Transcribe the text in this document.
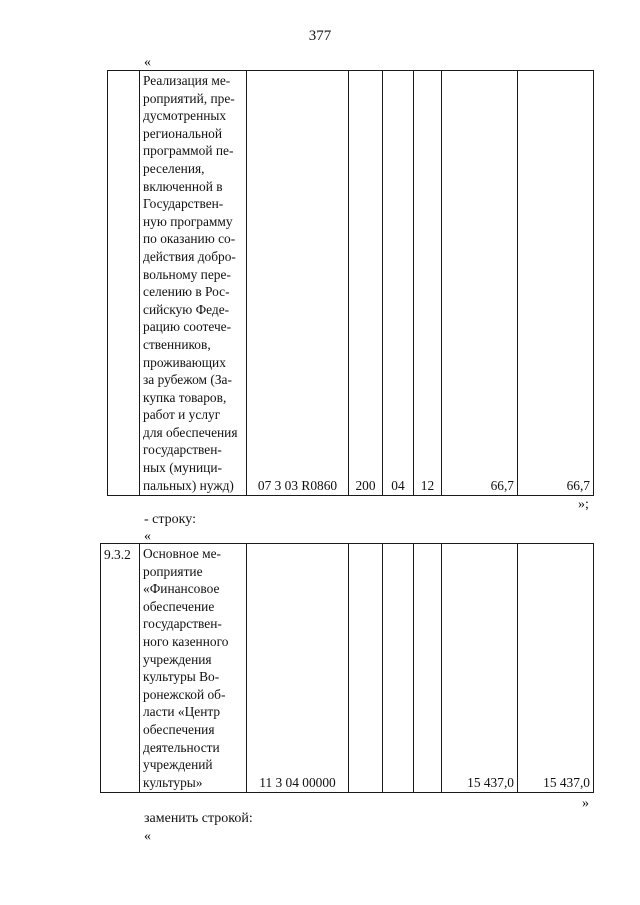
377
«

Реализация ме-
роприятий, пре-
дусмотренных
региональной
программой пе-
реселения,
включенной в
Государствен-
ную программу
по оказанию со-
действия добро-
вольному пере-
селению в Рос-
сийскую Феде-
рацию соотече-
ственников,
проживающих
за рубежом (За-
купка товаров,
работ и услуг
для обеспечения
государствен-
ных (муници-
пальных) нужд)	07 3 03 R0860	200	04	12	66,7	66,7
»;
- строку:
«
9.3.2	Основное ме-
роприятие
«Финансовое
обеспечение
государствен-
ного казенного
учреждения
культуры Во-
ронежской об-
ласти «Центр
обеспечения
деятельности
учреждений
культуры»	11 3 04 00000				15 437,0	15 437,0
»
заменить строкой:
«
